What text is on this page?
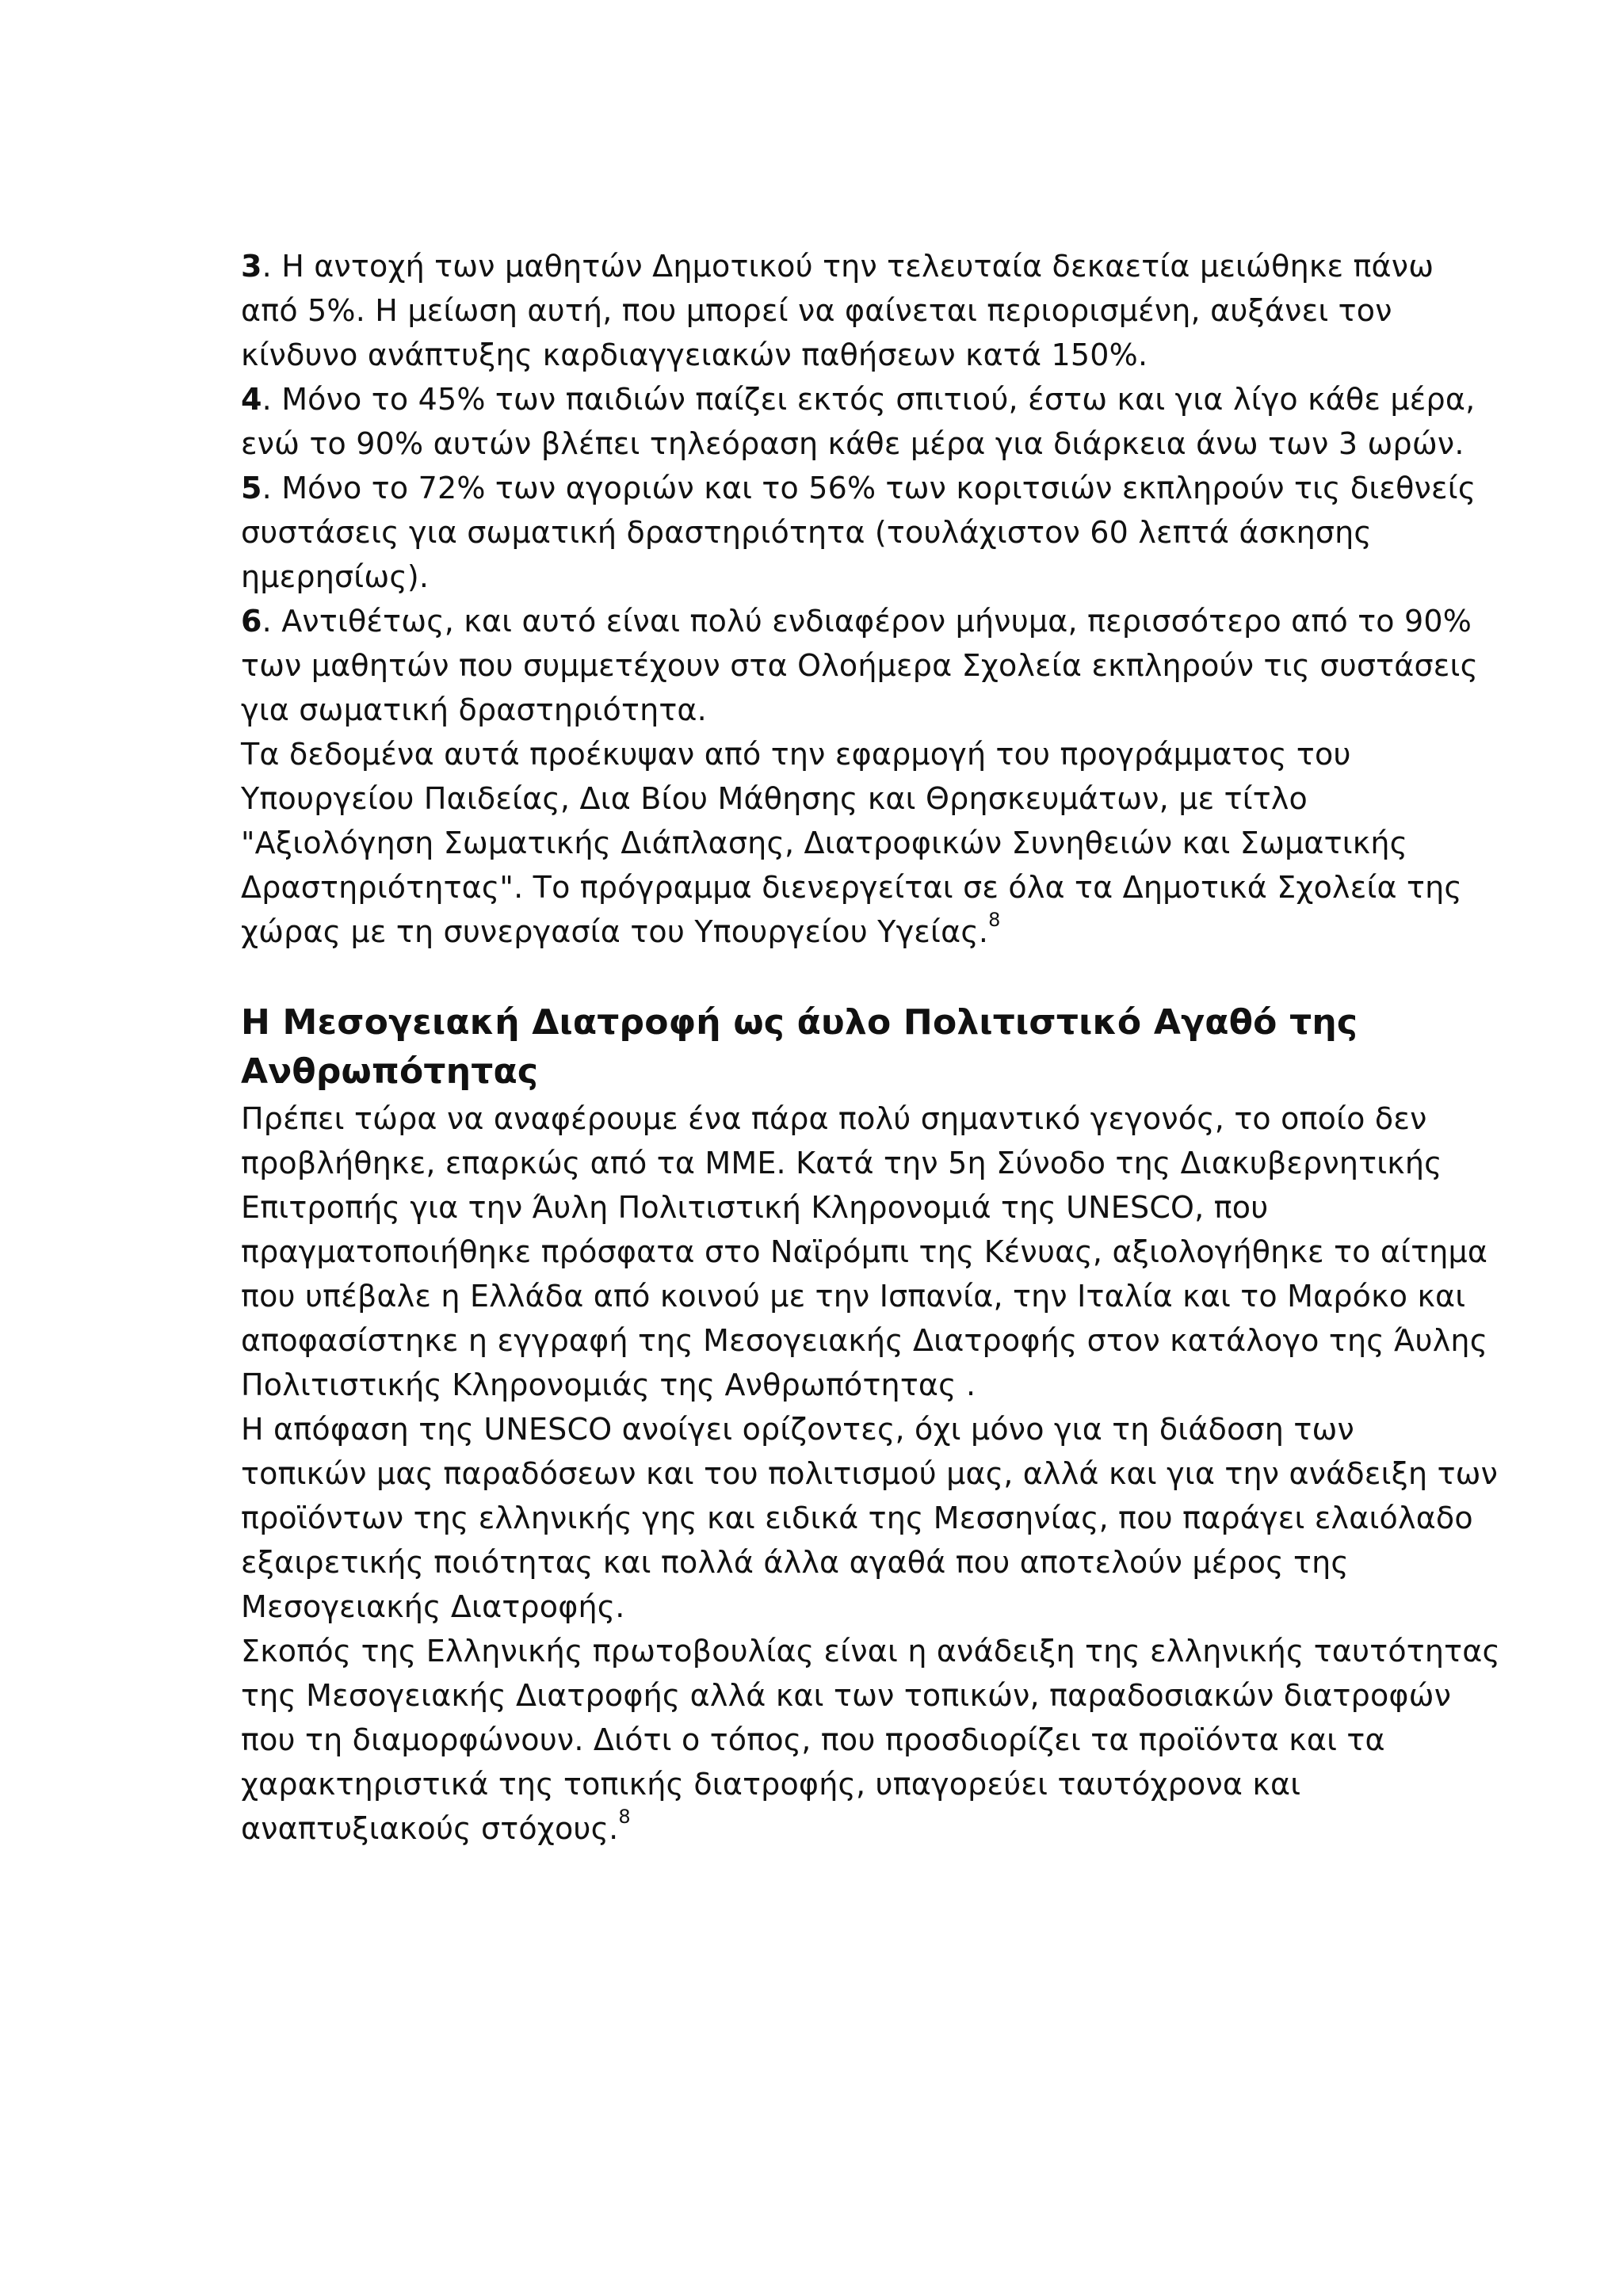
3. Η αντοχή των μαθητών Δημοτικού την τελευταία δεκαετία μειώθηκε πάνω
από 5%. Η μείωση αυτή, που μπορεί να φαίνεται περιορισμένη, αυξάνει τον
κίνδυνο ανάπτυξης καρδιαγγειακών παθήσεων κατά 150%.
4. Μόνο το 45% των παιδιών παίζει εκτός σπιτιού, έστω και για λίγο κάθε μέρα,
ενώ το 90% αυτών βλέπει τηλεόραση κάθε μέρα για διάρκεια άνω των 3 ωρών.
5. Μόνο το 72% των αγοριών και το 56% των κοριτσιών εκπληρούν τις διεθνείς
συστάσεις για σωματική δραστηριότητα (τουλάχιστον 60 λεπτά άσκησης
ημερησίως).
6. Αντιθέτως, και αυτό είναι πολύ ενδιαφέρον μήνυμα, περισσότερο από το 90%
των μαθητών που συμμετέχουν στα Ολοήμερα Σχολεία εκπληρούν τις συστάσεις
για σωματική δραστηριότητα.
Τα δεδομένα αυτά προέκυψαν από την εφαρμογή του προγράμματος του
Υπουργείου Παιδείας, Δια Βίου Μάθησης και Θρησκευμάτων, με τίτλο
"Αξιολόγηση Σωματικής Διάπλασης, Διατροφικών Συνηθειών και Σωματικής
Δραστηριότητας". Το πρόγραμμα διενεργείται σε όλα τα Δημοτικά Σχολεία της
χώρας με τη συνεργασία του Υπουργείου Υγείας.$^8$
Η Μεσογειακή Διατροφή ως άυλο Πολιτιστικό Αγαθό της
Ανθρωπότητας
Πρέπει τώρα να αναφέρουμε ένα πάρα πολύ σημαντικό γεγονός, το οποίο δεν
προβλήθηκε, επαρκώς από τα ΜΜΕ. Κατά την 5η Σύνοδο της Διακυβερνητικής
Επιτροπής για την Άυλη Πολιτιστική Κληρονομιά της UNESCO, που
πραγματοποιήθηκε πρόσφατα στο Ναϊρόμπι της Κένυας, αξιολογήθηκε το αίτημα
που υπέβαλε η Ελλάδα από κοινού με την Ισπανία, την Ιταλία και το Μαρόκο και
αποφασίστηκε η εγγραφή της Μεσογειακής Διατροφής στον κατάλογο της Άυλης
Πολιτιστικής Κληρονομιάς της Ανθρωπότητας .
Η απόφαση της UNESCO ανοίγει ορίζοντες, όχι μόνο για τη διάδοση των
τοπικών μας παραδόσεων και του πολιτισμού μας, αλλά και για την ανάδειξη των
προϊόντων της ελληνικής γης και ειδικά της Μεσσηνίας, που παράγει ελαιόλαδο
εξαιρετικής ποιότητας και πολλά άλλα αγαθά που αποτελούν μέρος της
Μεσογειακής Διατροφής.
Σκοπός της Ελληνικής πρωτοβουλίας είναι η ανάδειξη της ελληνικής ταυτότητας
της Μεσογειακής Διατροφής αλλά και των τοπικών, παραδοσιακών διατροφών
που τη διαμορφώνουν. Διότι ο τόπος, που προσδιορίζει τα προϊόντα και τα
χαρακτηριστικά της τοπικής διατροφής, υπαγορεύει ταυτόχρονα και
αναπτυξιακούς στόχους.$^8$
